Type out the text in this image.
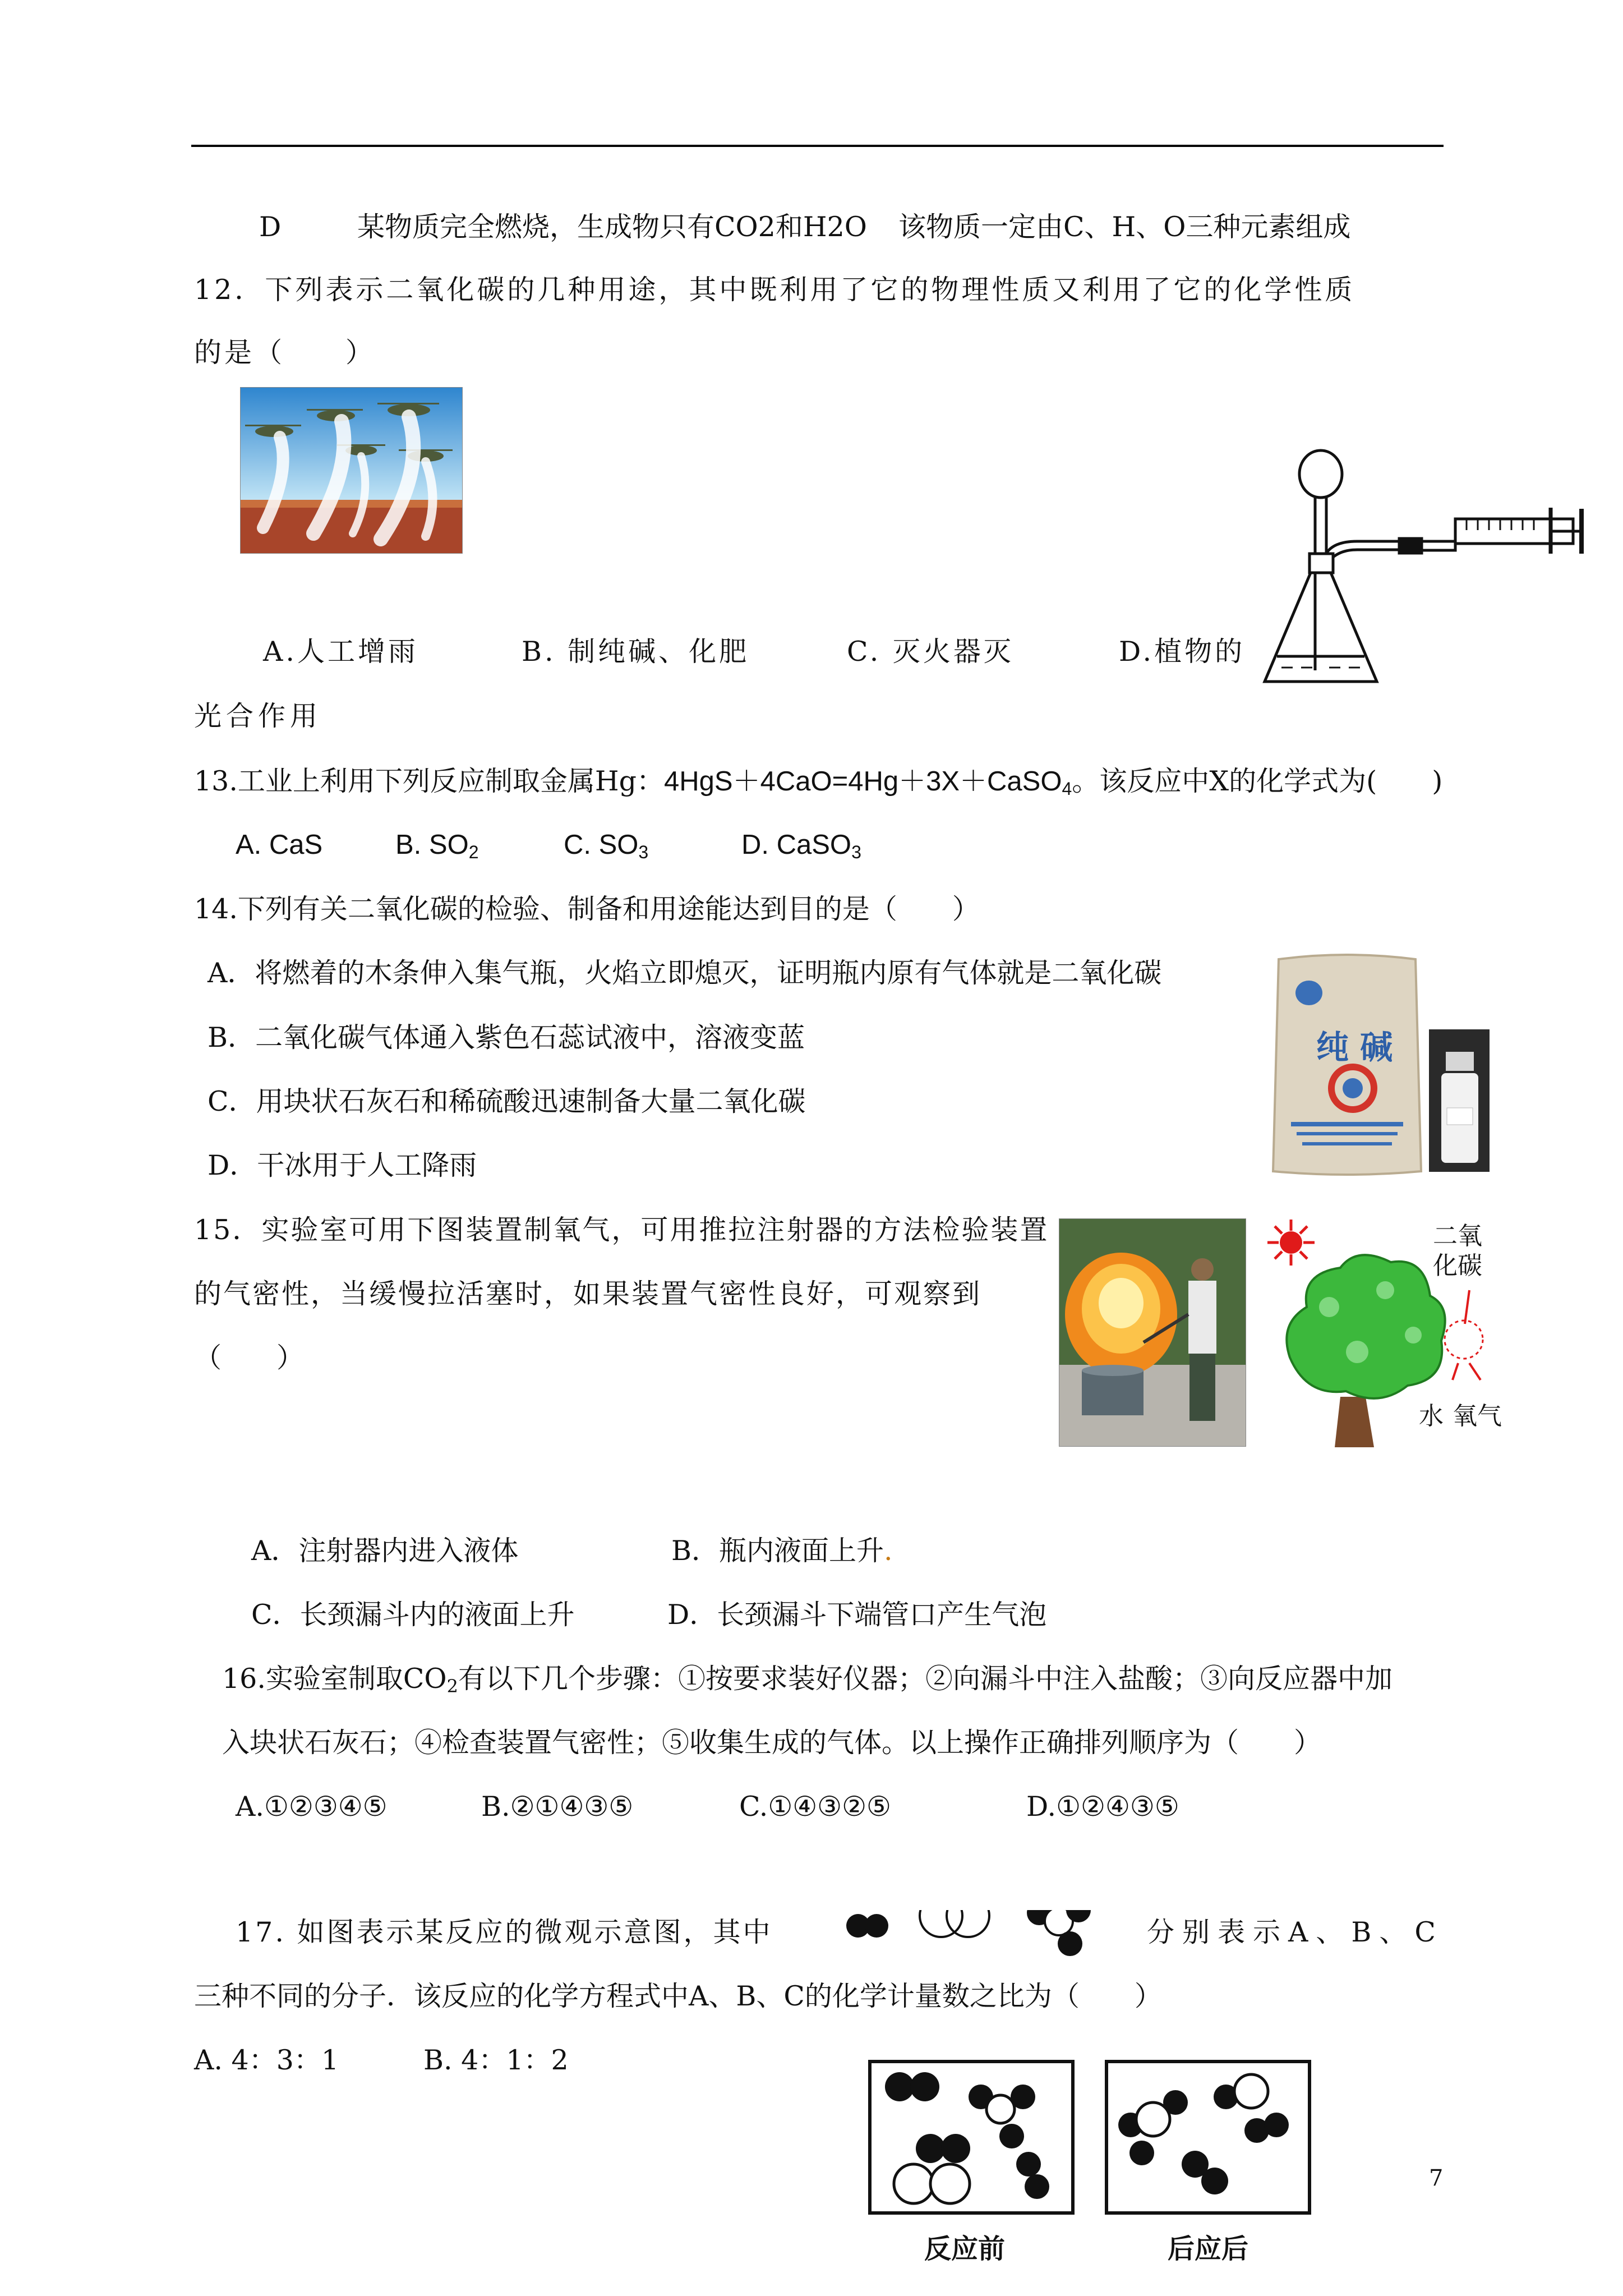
D	某物质完全燃烧，生成物只有CO2和H2O 该物质一定由C、H、O三种元素组成
12．下列表示二氧化碳的几种用途，其中既利用了它的物理性质又利用了它的化学性质
的是（　　）
A.人工增雨	B. 制纯碱、化肥	C. 灭火器灭	D.植物的
光合作用
13.工业上利用下列反应制取金属Hg：4HgS＋4CaO=4Hg＋3X＋CaSO$_4$。该反应中X的化学式为(　　)
A. CaS	B. $SO_2$	C. $SO_3$	D. CaSO$_3$
14.下列有关二氧化碳的检验、制备和用途能达到目的是（　　）
A．将燃着的木条伸入集气瓶，火焰立即熄灭，证明瓶内原有气体就是二氧化碳
B．二氧化碳气体通入紫色石蕊试液中，溶液变蓝
C．用块状石灰石和稀硫酸迅速制备大量二氧化碳
D．干冰用于人工降雨
纯 碱
15．实验室可用下图装置制氧气，可用推拉注射器的方法检验装置
的气密性，当缓慢拉活塞时，如果装置气密性良好，可观察到
（　　）
二氧
化碳
水 氧气
A．注射器内进入液体	B．瓶内液面上升.
C．长颈漏斗内的液面上升	D．长颈漏斗下端管口产生气泡
16.实验室制取$CO_2$有以下几个步骤：①按要求装好仪器；②向漏斗中注入盐酸；③向反应器中加
入块状石灰石；④检查装置气密性；⑤收集生成的气体。以上操作正确排列顺序为（　　）
A.①②③④⑤	B.②①④③⑤	C.①④③②⑤	D.①②④③⑤
17. 如图表示某反应的微观示意图，其中	分别表示A、B、C
三种不同的分子．该反应的化学方程式中A、B、C的化学计量数之比为（　　）
A. 4：3：1	B. 4：1：2
反应前	后应后
7
